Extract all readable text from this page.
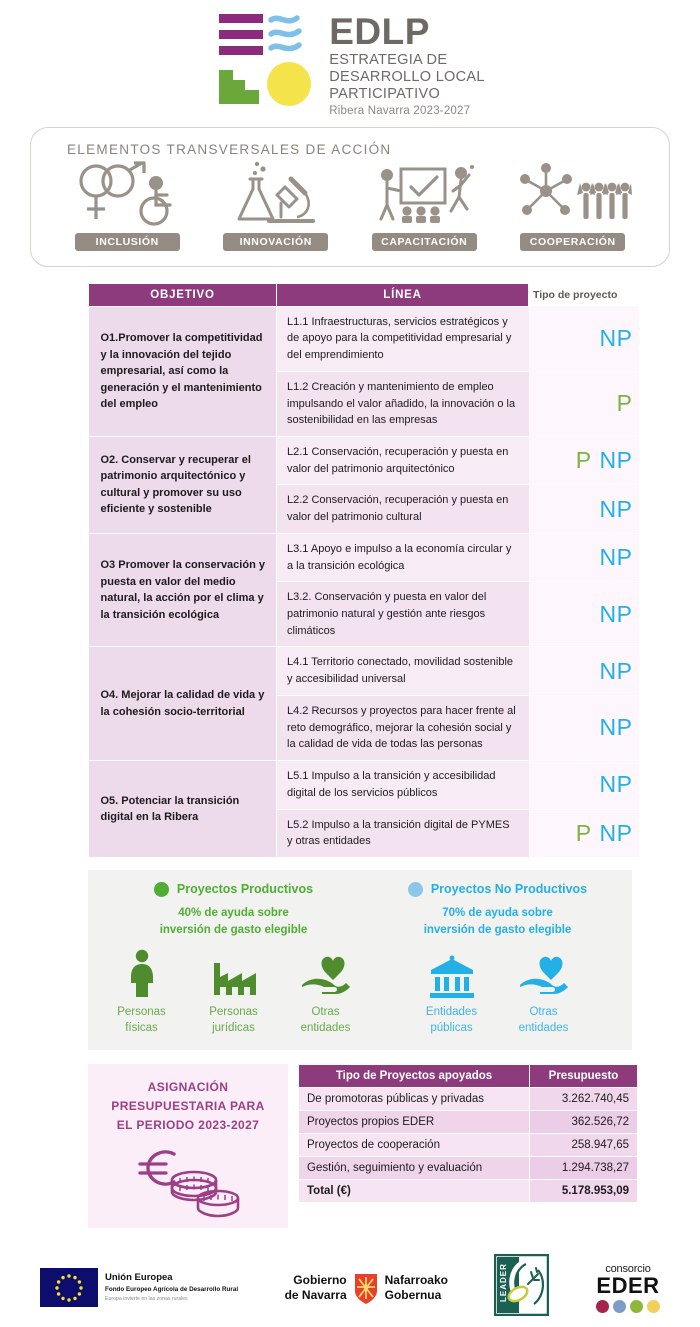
EDLP
ESTRATEGIA DE
DESARROLLO LOCAL
PARTICIPATIVO
Ribera Navarra 2023-2027
ELEMENTOS TRANSVERSALES DE ACCIÓN
INCLUSIÓN	INNOVACIÓN	CAPACITACIÓN	COOPERACIÓN
OBJETIVO	LÍNEA	Tipo de proyecto
O1.Promover la competitividad y la innovación del tejido empresarial, así como la generación y el mantenimiento del empleo	L1.1 Infraestructuras, servicios estratégicos y de apoyo para la competitividad empresarial y del emprendimiento	NP
	L1.2 Creación y mantenimiento de empleo impulsando el valor añadido, la innovación o la sostenibilidad en las empresas	P
O2. Conservar y recuperar el patrimonio arquitectónico y cultural y promover su uso eficiente y sostenible	L2.1 Conservación, recuperación y puesta en valor del patrimonio arquitectónico	P NP
	L2.2 Conservación, recuperación y puesta en valor del patrimonio cultural	NP
O3 Promover la conservación y puesta en valor del medio natural, la acción por el clima y la transición ecológica	L3.1 Apoyo e impulso a la economía circular y a la transición ecológica	NP
	L3.2. Conservación y puesta en valor del patrimonio natural y gestión ante riesgos climáticos	NP
O4. Mejorar la calidad de vida y la cohesión socio-territorial	L4.1 Territorio conectado, movilidad sostenible y accesibilidad universal	NP
	L4.2 Recursos y proyectos para hacer frente al reto demográfico, mejorar la cohesión social y la calidad de vida de todas las personas	NP
O5. Potenciar la transición digital en la Ribera	L5.1 Impulso a la transición y accesibilidad digital de los servicios públicos	NP
	L5.2 Impulso a la transición digital de PYMES y otras entidades	P NP
Proyectos Productivos
40% de ayuda sobre
inversión de gasto elegible
Personas
físicas
Personas
jurídicas
Otras
entidades
Proyectos No Productivos
70% de ayuda sobre
inversión de gasto elegible
Entidades
públicas
Otras
entidades
ASIGNACIÓN
PRESUPUESTARIA PARA
EL PERIODO 2023-2027
Tipo de Proyectos apoyados	Presupuesto
De promotoras públicas y privadas	3.262.740,45
Proyectos propios EDER	362.526,72
Proyectos de cooperación	258.947,65
Gestión, seguimiento y evaluación	1.294.738,27
Total (€)	5.178.953,09
Unión Europea
Fondo Europeo Agrícola de Desarrollo Rural
Europa invierte en las zonas rurales
Gobierno
de Navarra
Nafarroako
Gobernua	LEADER	consorcio
EDER
